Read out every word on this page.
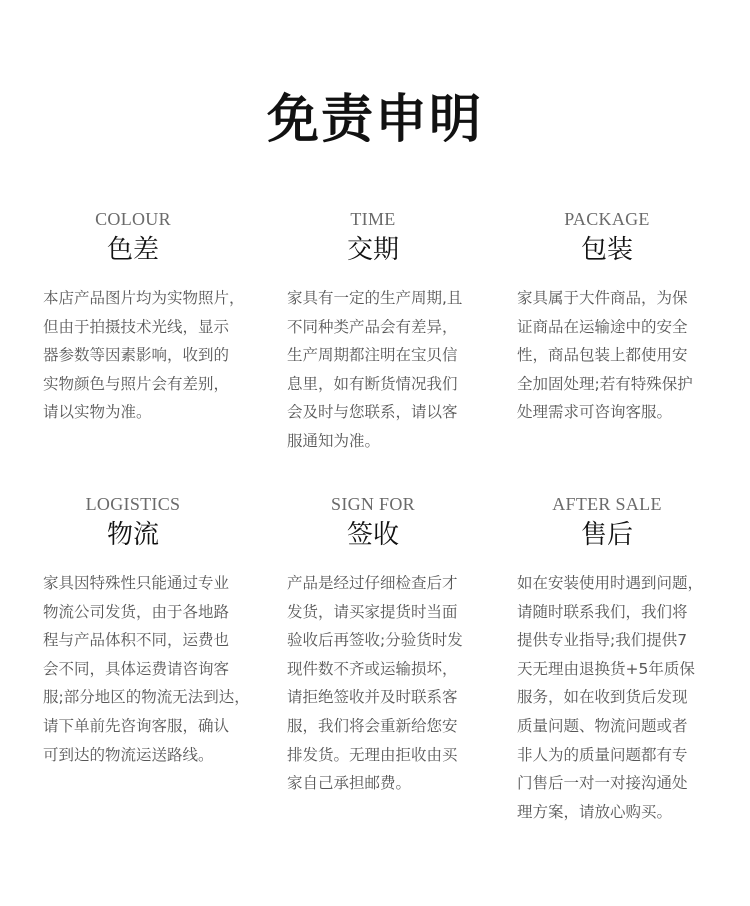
免责申明
COLOUR
色差
本店产品图片均为实物照片，
但由于拍摄技术光线，显示
器参数等因素影响，收到的
实物颜色与照片会有差别，
请以实物为准。
TIME
交期
家具有一定的生产周期,且
不同种类产品会有差异，
生产周期都注明在宝贝信
息里，如有断货情况我们
会及时与您联系，请以客
服通知为准。
PACKAGE
包装
家具属于大件商品，为保
证商品在运输途中的安全
性，商品包装上都使用安
全加固处理;若有特殊保护
处理需求可咨询客服。
LOGISTICS
物流
家具因特殊性只能通过专业
物流公司发货，由于各地路
程与产品体积不同，运费也
会不同，具体运费请咨询客
服;部分地区的物流无法到达，
请下单前先咨询客服，确认
可到达的物流运送路线。
SIGN FOR
签收
产品是经过仔细检查后才
发货，请买家提货时当面
验收后再签收;分验货时发
现件数不齐或运输损坏，
请拒绝签收并及时联系客
服，我们将会重新给您安
排发货。无理由拒收由买
家自己承担邮费。
AFTER SALE
售后
如在安装使用时遇到问题，
请随时联系我们，我们将
提供专业指导;我们提供7
天无理由退换货+5年质保
服务，如在收到货后发现
质量问题、物流问题或者
非人为的质量问题都有专
门售后一对一对接沟通处
理方案，请放心购买。
